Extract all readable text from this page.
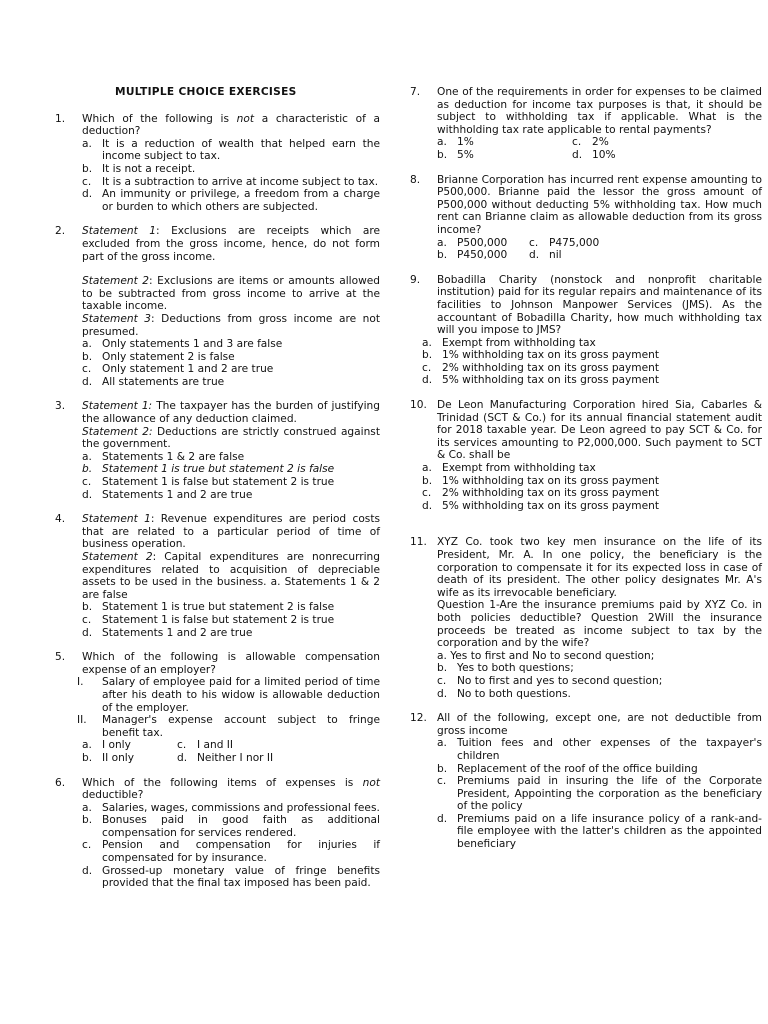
MULTIPLE CHOICE EXERCISES
1. Which of the following is not a characteristic of a deduction?

a. It is a reduction of wealth that helped earn the income subject to tax.
b. It is not a receipt.
c. It is a subtraction to arrive at income subject to tax.
d. An immunity or privilege, a freedom from a charge or burden to which others are subjected.
2. Statement 1: Exclusions are receipts which are excluded from the gross income, hence, do not form part of the gross income.

Statement 2: Exclusions are items or amounts allowed to be subtracted from gross income to arrive at the taxable income.

Statement 3: Deductions from gross income are not presumed.

a. Only statements 1 and 3 are false
b. Only statement 2 is false
c. Only statement 1 and 2 are true
d. All statements are true
3. Statement 1: The taxpayer has the burden of justifying the allowance of any deduction claimed.

Statement 2: Deductions are strictly construed against the government.

a. Statements 1 & 2 are false
b. Statement 1 is true but statement 2 is false
c. Statement 1 is false but statement 2 is true
d. Statements 1 and 2 are true
4. Statement 1: Revenue expenditures are period costs that are related to a particular period of time of business operation.

Statement 2: Capital expenditures are nonrecurring expenditures related to acquisition of depreciable assets to be used in the business. a. Statements 1 & 2 are false

b. Statement 1 is true but statement 2 is false
c. Statement 1 is false but statement 2 is true
d. Statements 1 and 2 are true
5. Which of the following is allowable compensation expense of an employer?

I. Salary of employee paid for a limited period of time after his death to his widow is allowable deduction of the employer.
II. Manager's expense account subject to fringe benefit tax.
a. I only	c. I and II
b. II only	d. Neither I nor II
6. Which of the following items of expenses is not deductible?

a. Salaries, wages, commissions and professional fees.
b. Bonuses paid in good faith as additional compensation for services rendered.
c. Pension and compensation for injuries if compensated for by insurance.
d. Grossed-up monetary value of fringe benefits provided that the final tax imposed has been paid.
7. One of the requirements in order for expenses to be claimed as deduction for income tax purposes is that, it should be subject to withholding tax if applicable. What is the withholding tax rate applicable to rental payments?

a. 1%	c. 2%
b. 5%	d. 10%
8. Brianne Corporation has incurred rent expense amounting to P500,000. Brianne paid the lessor the gross amount of P500,000 without deducting 5% withholding tax. How much rent can Brianne claim as allowable deduction from its gross income?

a. P500,000	c. P475,000
b. P450,000	d. nil
9. Bobadilla Charity (nonstock and nonprofit charitable institution) paid for its regular repairs and maintenance of its facilities to Johnson Manpower Services (JMS). As the accountant of Bobadilla Charity, how much withholding tax will you impose to JMS?

a. Exempt from withholding tax
b. 1% withholding tax on its gross payment
c. 2% withholding tax on its gross payment
d. 5% withholding tax on its gross payment
10. De Leon Manufacturing Corporation hired Sia, Cabarles & Trinidad (SCT & Co.) for its annual financial statement audit for 2018 taxable year. De Leon agreed to pay SCT & Co. for its services amounting to P2,000,000. Such payment to SCT & Co. shall be

a. Exempt from withholding tax
b. 1% withholding tax on its gross payment
c. 2% withholding tax on its gross payment
d. 5% withholding tax on its gross payment
11. XYZ Co. took two key men insurance on the life of its President, Mr. A. In one policy, the beneficiary is the corporation to compensate it for its expected loss in case of death of its president. The other policy designates Mr. A's wife as its irrevocable beneficiary.

Question 1-Are the insurance premiums paid by XYZ Co. in both policies deductible? Question 2Will the insurance proceeds be treated as income subject to tax by the corporation and by the wife?

a. Yes to first and No to second question;

b. Yes to both questions;
c. No to first and yes to second question;
d. No to both questions.
12. All of the following, except one, are not deductible from gross income

a. Tuition fees and other expenses of the taxpayer's children
b. Replacement of the roof of the office building
c. Premiums paid in insuring the life of the Corporate President, Appointing the corporation as the beneficiary of the policy
d. Premiums paid on a life insurance policy of a rank-and-file employee with the latter's children as the appointed beneficiary
